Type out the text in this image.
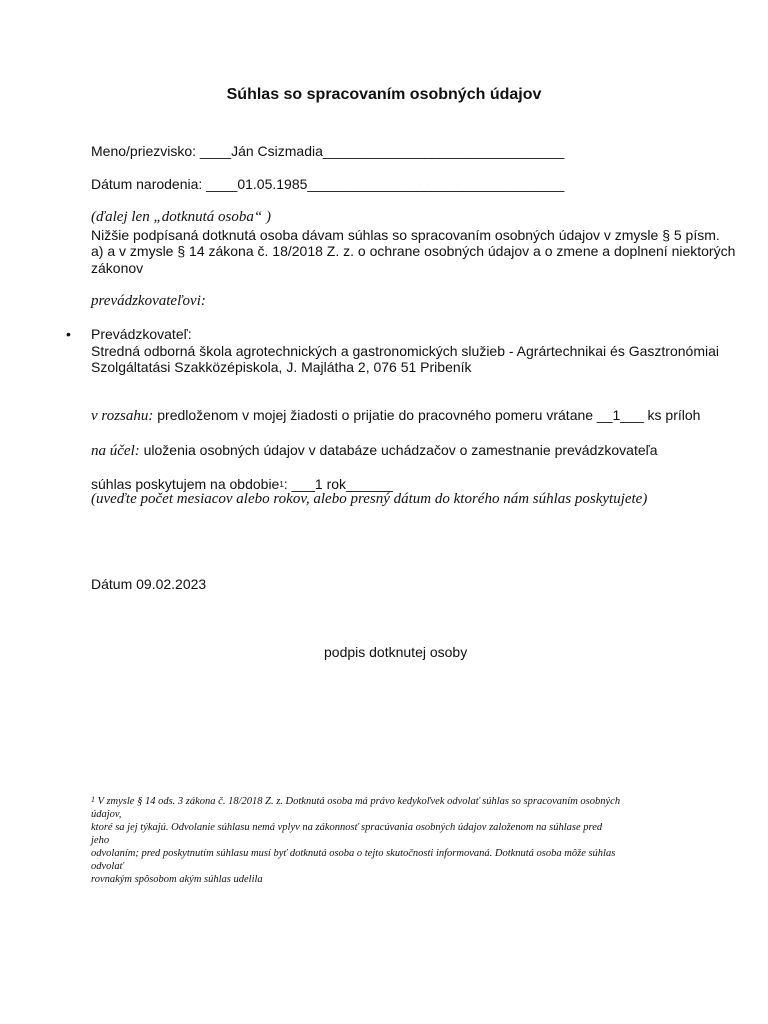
Súhlas so spracovaním osobných údajov
Meno/priezvisko: ____Ján Csizmadia_______________________________
Dátum narodenia: ____01.05.1985_________________________________
(ďalej len „dotknutá osoba“ )
Nižšie podpísaná dotknutá osoba dávam súhlas so spracovaním osobných údajov v zmysle § 5 písm.
a) a v zmysle § 14 zákona č. 18/2018 Z. z. o ochrane osobných údajov a o zmene a doplnení niektorých
zákonov
prevádzkovateľovi:
• Prevádzkovateľ:
Stredná odborná škola agrotechnických a gastronomických služieb - Agrártechnikai és Gasztronómiai
Szolgáltatási Szakközépiskola, J. Majlátha 2, 076 51 Pribeník
v rozsahu: predloženom v mojej žiadosti o prijatie do pracovného pomeru vrátane __1___ ks príloh
na účel: uloženia osobných údajov v databáze uchádzačov o zamestnanie prevádzkovateľa
súhlas poskytujem na obdobie$^1$: ___1 rok______
(uveďte počet mesiacov alebo rokov, alebo presný dátum do ktorého nám súhlas poskytujete)
Dátum 09.02.2023
podpis dotknutej osoby
$^1$ V zmysle § 14 ods. 3 zákona č. 18/2018 Z. z. Dotknutá osoba má právo kedykoľvek odvolať súhlas so spracovaním osobných
údajov,
ktoré sa jej týkajú. Odvolanie súhlasu nemá vplyv na zákonnosť spracúvania osobných údajov založenom na súhlase pred
jeho
odvolaním; pred poskytnutím súhlasu musí byť dotknutá osoba o tejto skutočnosti informovaná. Dotknutá osoba môže súhlas
odvolať
rovnakým spôsobom akým súhlas udelila
